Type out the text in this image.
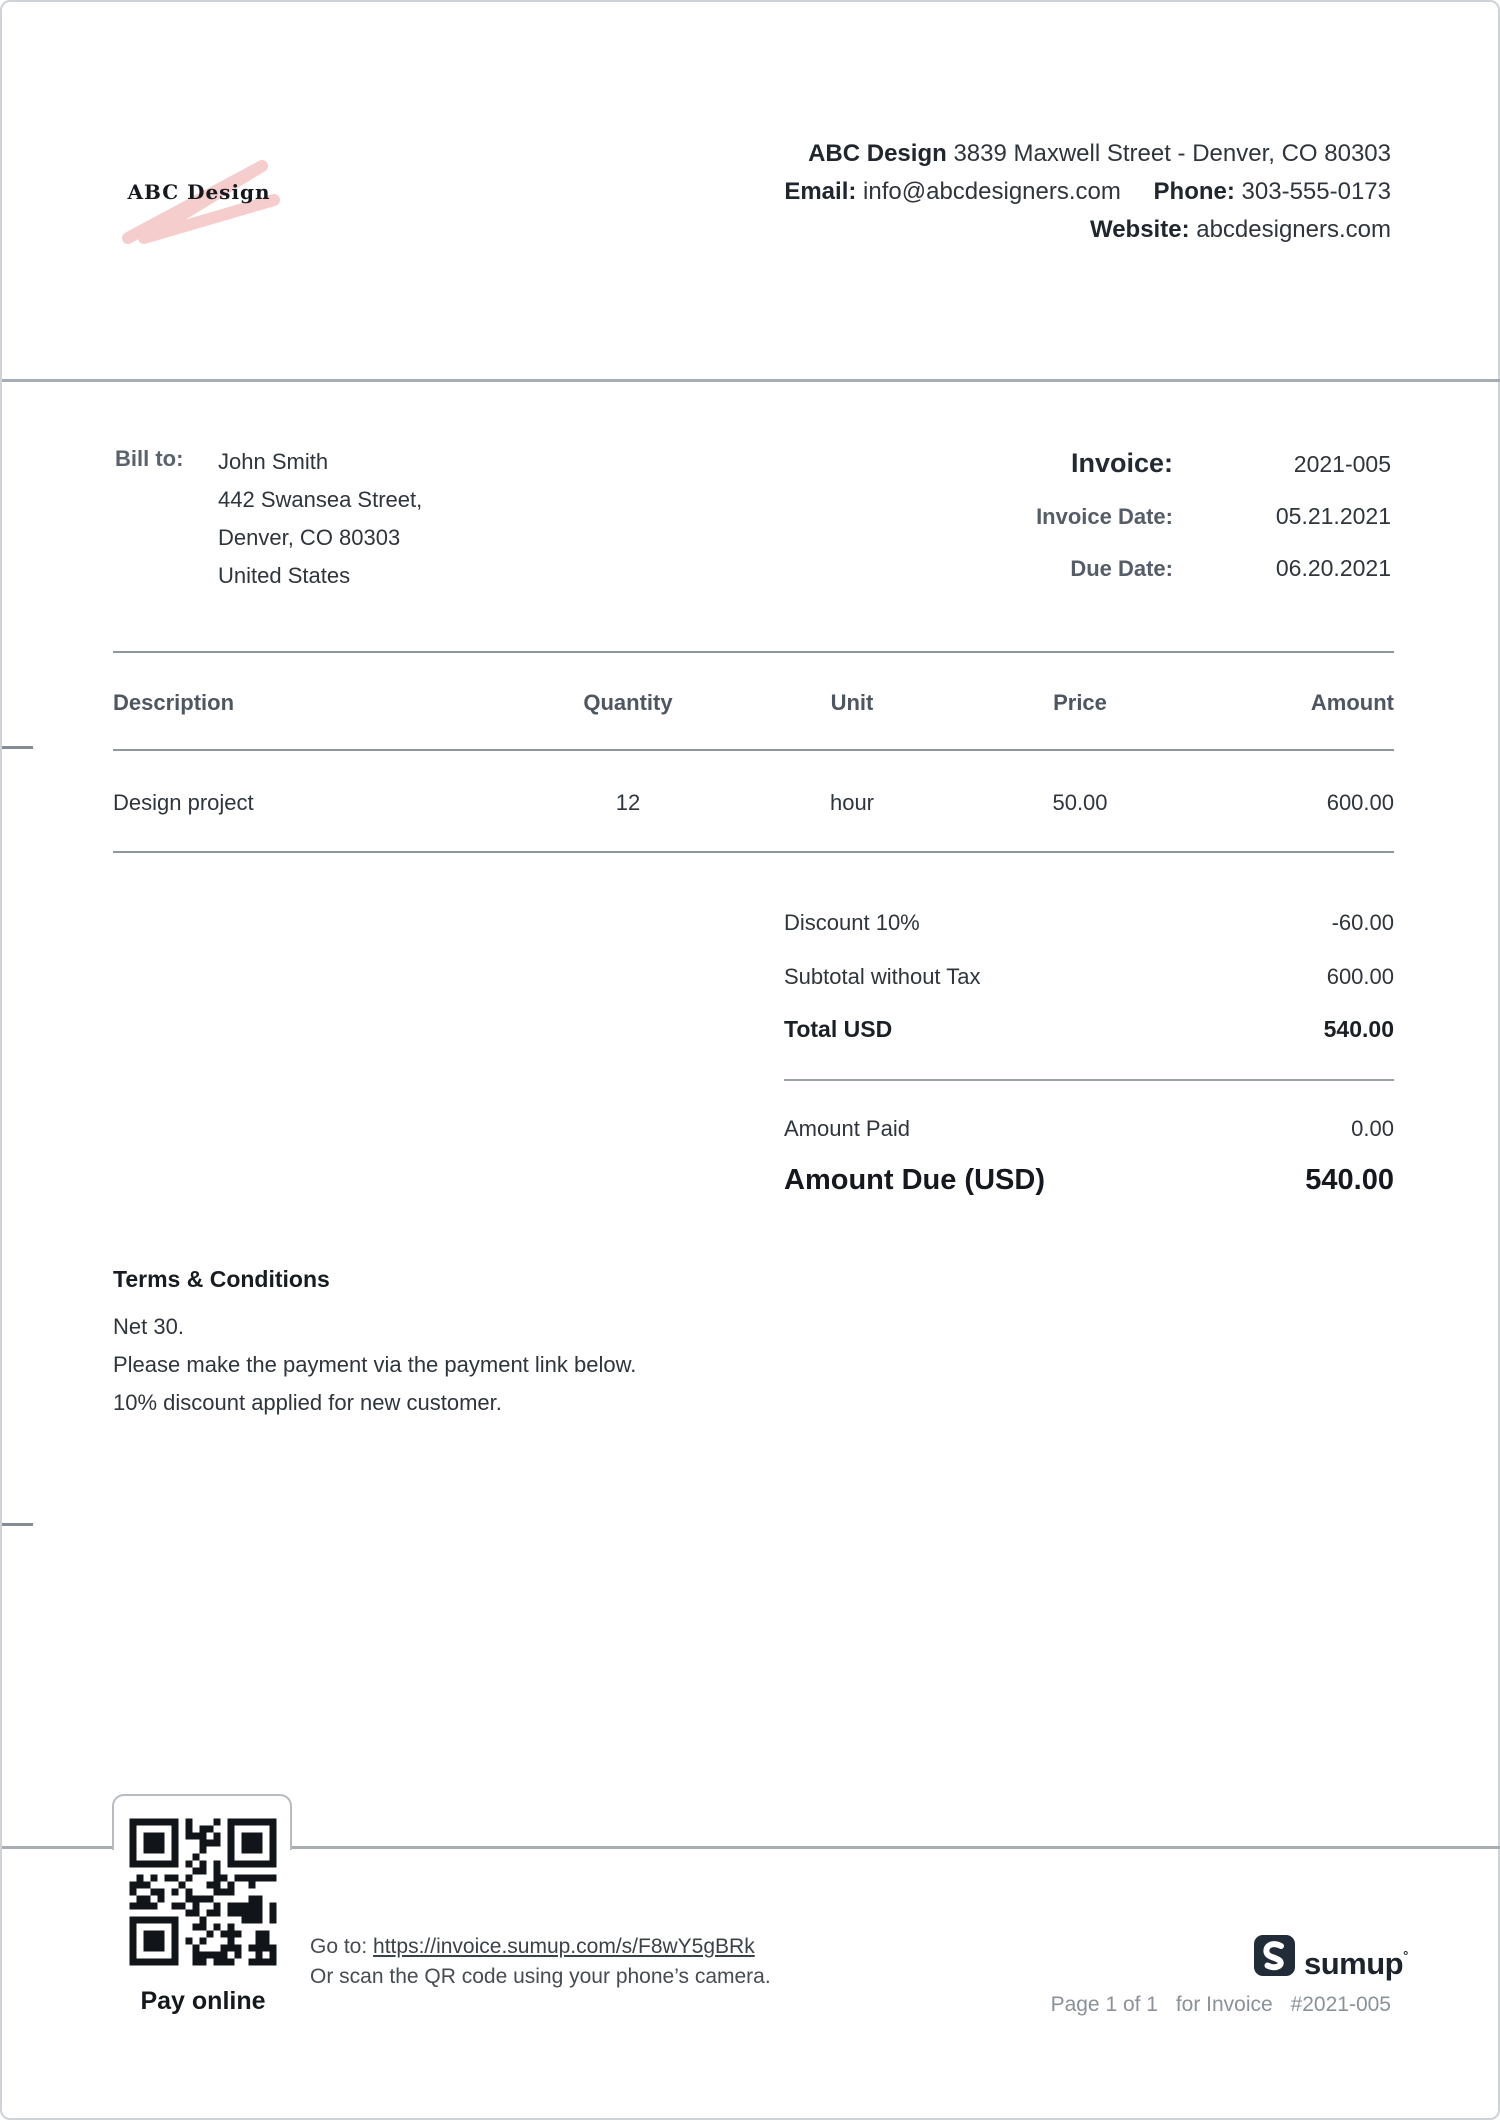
ABC Design
ABC Design 3839 Maxwell Street - Denver, CO 80303
Email: info@abcdesigners.com Phone: 303-555-0173
Website: abcdesigners.com
Bill to: John Smith
442 Swansea Street,
Denver, CO 80303
United States
Invoice:	2021-005
Invoice Date:	05.21.2021
Due Date:	06.20.2021
Description	Quantity	Unit	Price	Amount
Design project	12	hour	50.00	600.00
Discount 10%	-60.00
Subtotal without Tax	600.00
Total USD	540.00
Amount Paid	0.00
Amount Due (USD)	540.00
Terms & Conditions
Net 30.
Please make the payment via the payment link below.
10% discount applied for new customer.
Pay online
Go to: https://invoice.sumup.com/s/F8wY5gBRk
Or scan the QR code using your phone’s camera.	sumup°
Page 1 of 1 for Invoice #2021-005
